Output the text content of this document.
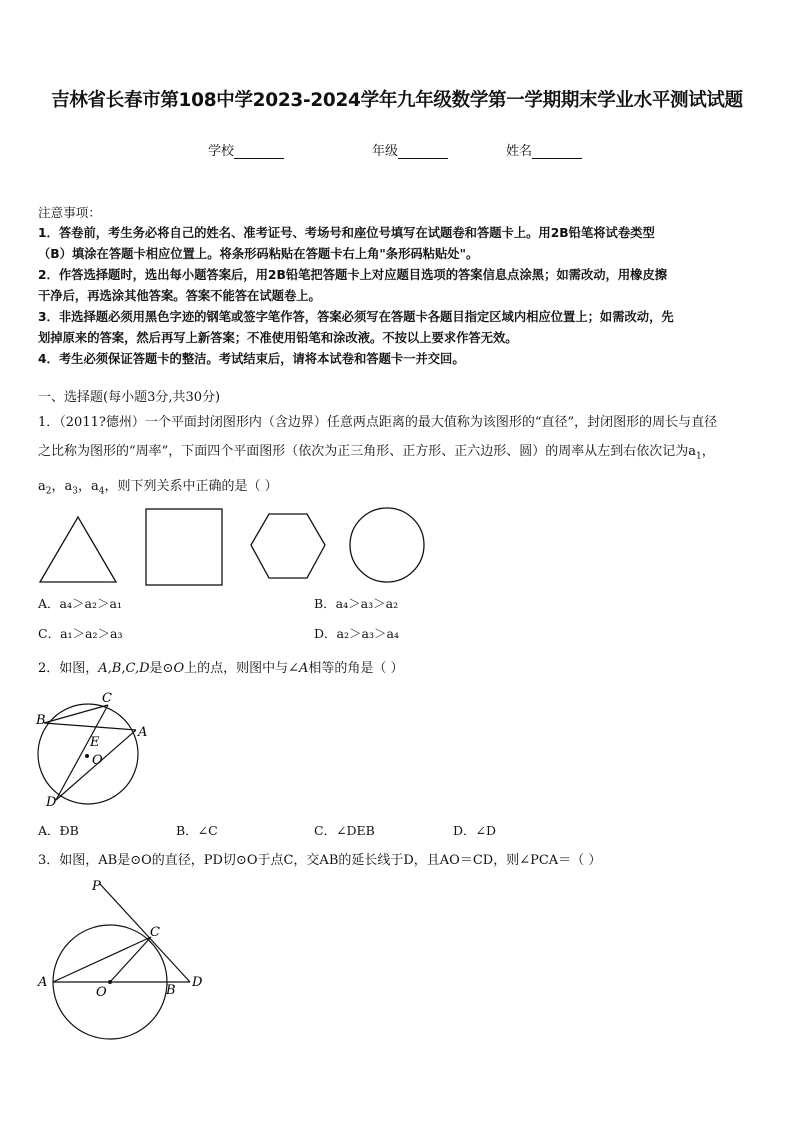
吉林省长春市第108中学2023-2024学年九年级数学第一学期期末学业水平测试试题
学校	年级	姓名
注意事项：

1．答卷前，考生务必将自己的姓名、准考证号、考场号和座位号填写在试题卷和答题卡上。用2B铅笔将试卷类型

（B）填涂在答题卡相应位置上。将条形码粘贴在答题卡右上角"条形码粘贴处"。

2．作答选择题时，选出每小题答案后，用2B铅笔把答题卡上对应题目选项的答案信息点涂黑；如需改动，用橡皮擦

干净后，再选涂其他答案。答案不能答在试题卷上。

3．非选择题必须用黑色字迹的钢笔或签字笔作答，答案必须写在答题卡各题目指定区域内相应位置上；如需改动，先

划掉原来的答案，然后再写上新答案；不准使用铅笔和涂改液。不按以上要求作答无效。

4．考生必须保证答题卡的整洁。考试结束后，请将本试卷和答题卡一并交回。

一、选择题(每小题3分,共30分)
1．（2011?德州）一个平面封闭图形内（含边界）任意两点距离的最大值称为该图形的“直径”，封闭图形的周长与直径
之比称为图形的“周率”，下面四个平面图形（依次为正三角形、正方形、正六边形、圆）的周率从左到右依次记为$a_1$，
$a_2$，$a_3$，$a_4$，则下列关系中正确的是（ ）
A．a₄＞a₂＞a₁	B．a₄＞a₃＞a₂
C．a₁＞a₂＞a₃	D．a₂＞a₃＞a₄
2．如图，A,B,C,D是⊙O上的点，则图中与∠A相等的角是（ ）
B
C
A
E
O
D
A．ÐB	B．∠C	C．∠DEB	D．∠D
3．如图，AB是⊙O的直径，PD切⊙O于点C，交AB的延长线于D，且AO＝CD，则∠PCA＝（ ）
P
C
A
O	B
D
